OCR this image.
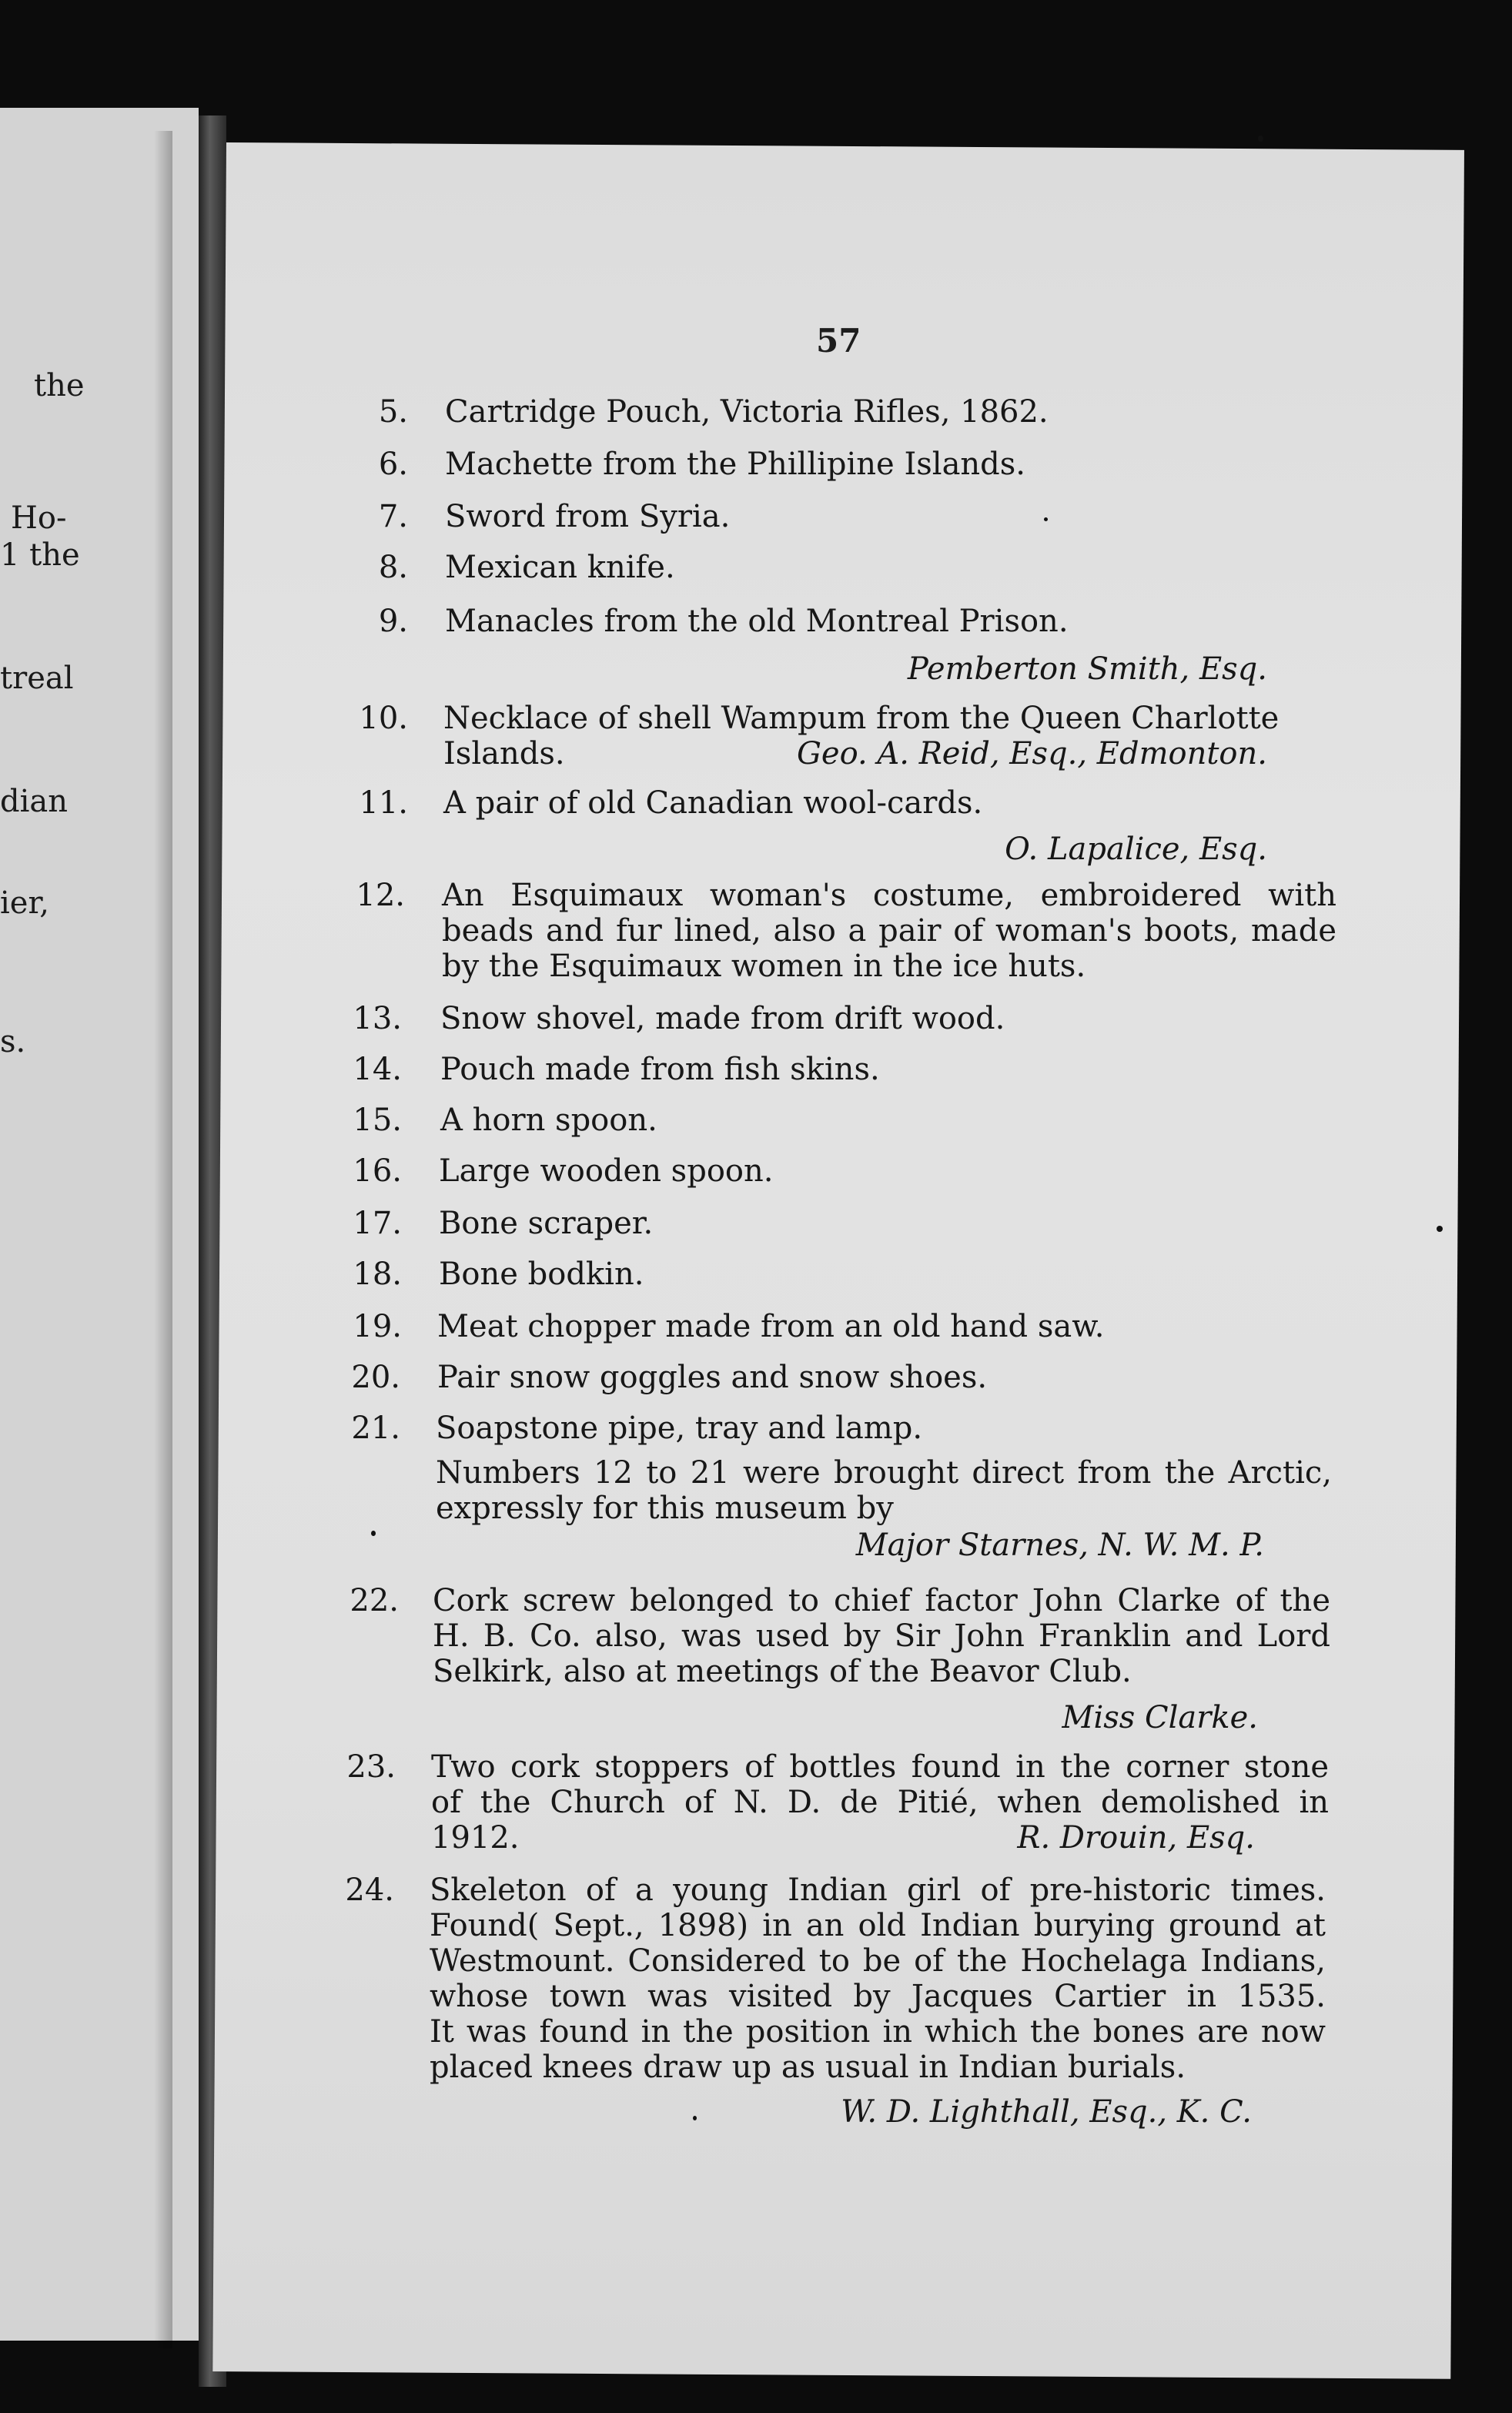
the
Ho-
1 the
treal
dian
ier,
s.
57
5. Cartridge Pouch, Victoria Rifles, 1862.
6. Machette from the Phillipine Islands.
7. Sword from Syria.
8. Mexican knife.
9. Manacles from the old Montreal Prison.
Pemberton Smith, Esq.
10. Necklace of shell Wampum from the Queen Charlotte
Islands.	Geo. A. Reid, Esq., Edmonton.
11. A pair of old Canadian wool-cards.
O. Lapalice, Esq.
12. An Esquimaux woman's costume, embroidered with
beads and fur lined, also a pair of woman's boots, made
by the Esquimaux women in the ice huts.
13. Snow shovel, made from drift wood.
14. Pouch made from fish skins.
15. A horn spoon.
16. Large wooden spoon.
17. Bone scraper.
18. Bone bodkin.
19. Meat chopper made from an old hand saw.
20. Pair snow goggles and snow shoes.
21. Soapstone pipe, tray and lamp.
Numbers 12 to 21 were brought direct from the Arctic,
expressly for this museum by
Major Starnes, N. W. M. P.
22. Cork screw belonged to chief factor John Clarke of the
H. B. Co. also, was used by Sir John Franklin and Lord
Selkirk, also at meetings of the Beavor Club.
Miss Clarke.
23. Two cork stoppers of bottles found in the corner stone
of the Church of N. D. de Pitié, when demolished in
1912.	R. Drouin, Esq.
24. Skeleton of a young Indian girl of pre-historic times.
Found( Sept., 1898) in an old Indian burying ground at
Westmount. Considered to be of the Hochelaga Indians,
whose town was visited by Jacques Cartier in 1535.
It was found in the position in which the bones are now
placed knees draw up as usual in Indian burials.
W. D. Lighthall, Esq., K. C.
